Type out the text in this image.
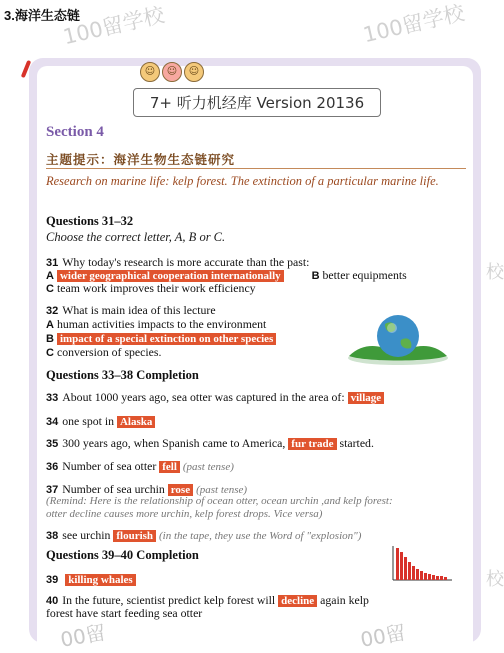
3.海洋生态链
100留学校	100留学校
校
校
☺	☺	☺
7+ 听力机经库 Version 20136
Section 4
主题提示：海洋生物生态链研究
Research on marine life: kelp forest. The extinction of a particular marine life.
Questions 31–32
Choose the correct letter, A, B or C.
31 Why today's research is more accurate than the past:
A wider geographical cooperation internationally	B better equipments
C team work improves their work efficiency
32 What is main idea of this lecture
A human activities impacts to the environment
B impact of a special extinction on other species
C conversion of species.
Questions 33–38 Completion
33 About 1000 years ago, sea otter was captured in the area of: village
34 one spot in Alaska
35 300 years ago, when Spanish came to America, fur trade started.
36 Number of sea otter fell (past tense)
37 Number of sea urchin rose (past tense)
(Remind: Here is the relationship of ocean otter, ocean urchin ,and kelp forest:
otter decline causes more urchin, kelp forest drops. Vice versa)
38 see urchin flourish (in the tape, they use the Word of "explosion")
Questions 39–40 Completion
39 killing whales
40 In the future, scientist predict kelp forest will decline again kelp
forest have start feeding sea otter
00留	00留
